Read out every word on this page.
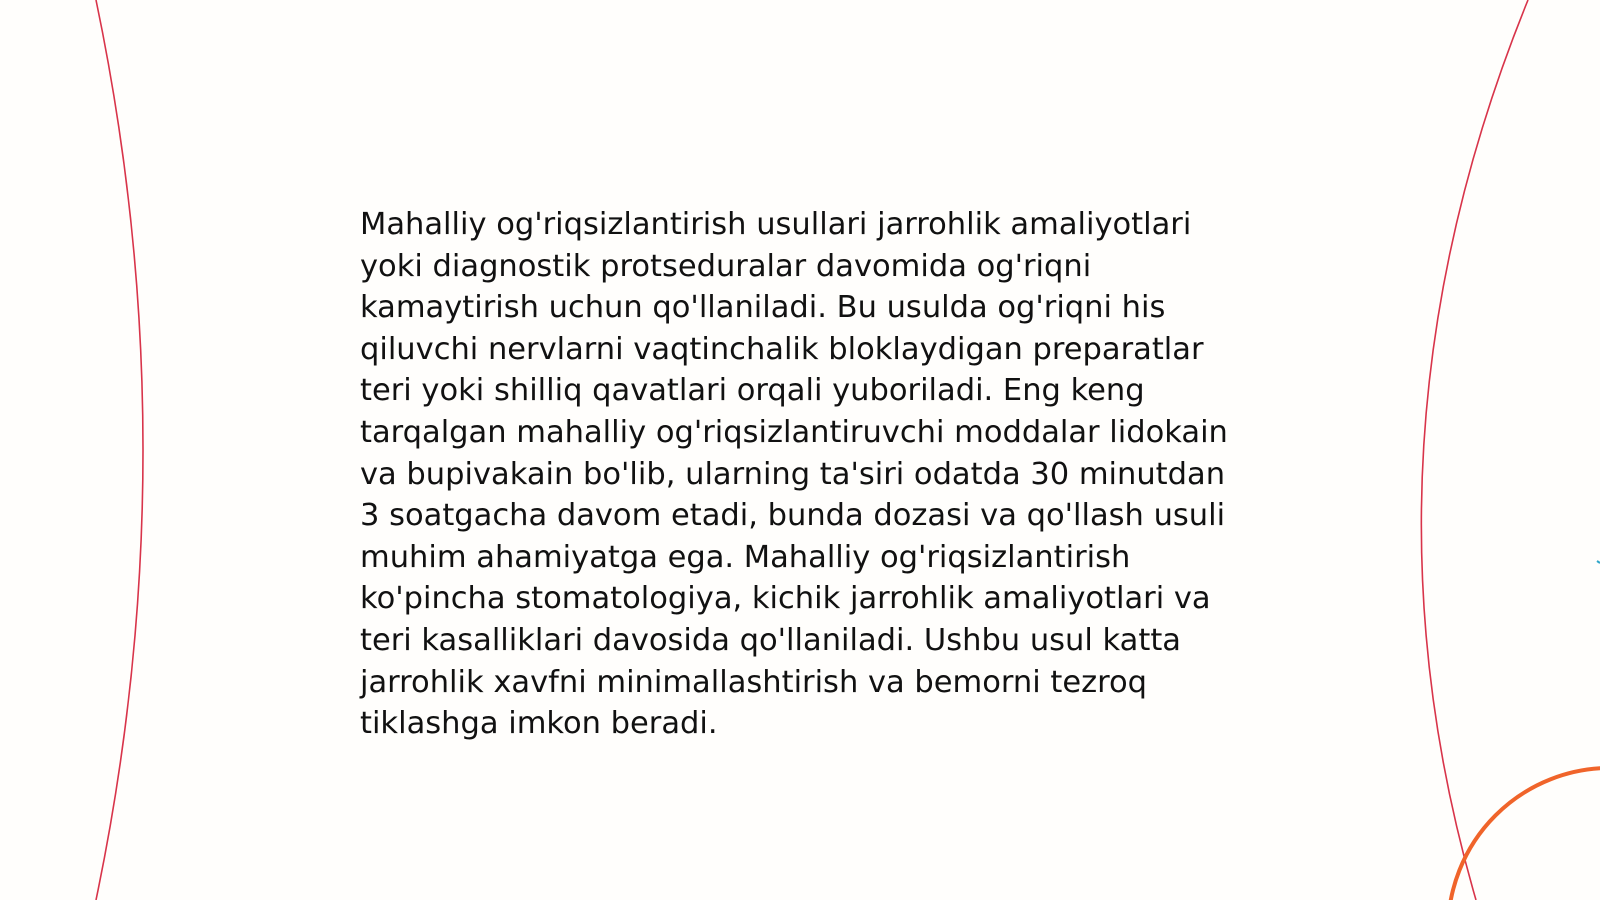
Mahalliy og'riqsizlantirish usullari jarrohlik amaliyotlari yoki diagnostik protseduralar davomida og'riqni kamaytirish uchun qo'llaniladi. Bu usulda og'riqni his qiluvchi nervlarni vaqtinchalik bloklaydigan preparatlar teri yoki shilliq qavatlari orqali yuboriladi. Eng keng tarqalgan mahalliy og'riqsizlantiruvchi moddalar lidokain va bupivakain bo'lib, ularning ta'siri odatda 30 minutdan 3 soatgacha davom etadi, bunda dozasi va qo'llash usuli muhim ahamiyatga ega. Mahalliy og'riqsizlantirish ko'pincha stomatologiya, kichik jarrohlik amaliyotlari va teri kasalliklari davosida qo'llaniladi. Ushbu usul katta jarrohlik xavfni minimallashtirish va bemorni tezroq tiklashga imkon beradi.
